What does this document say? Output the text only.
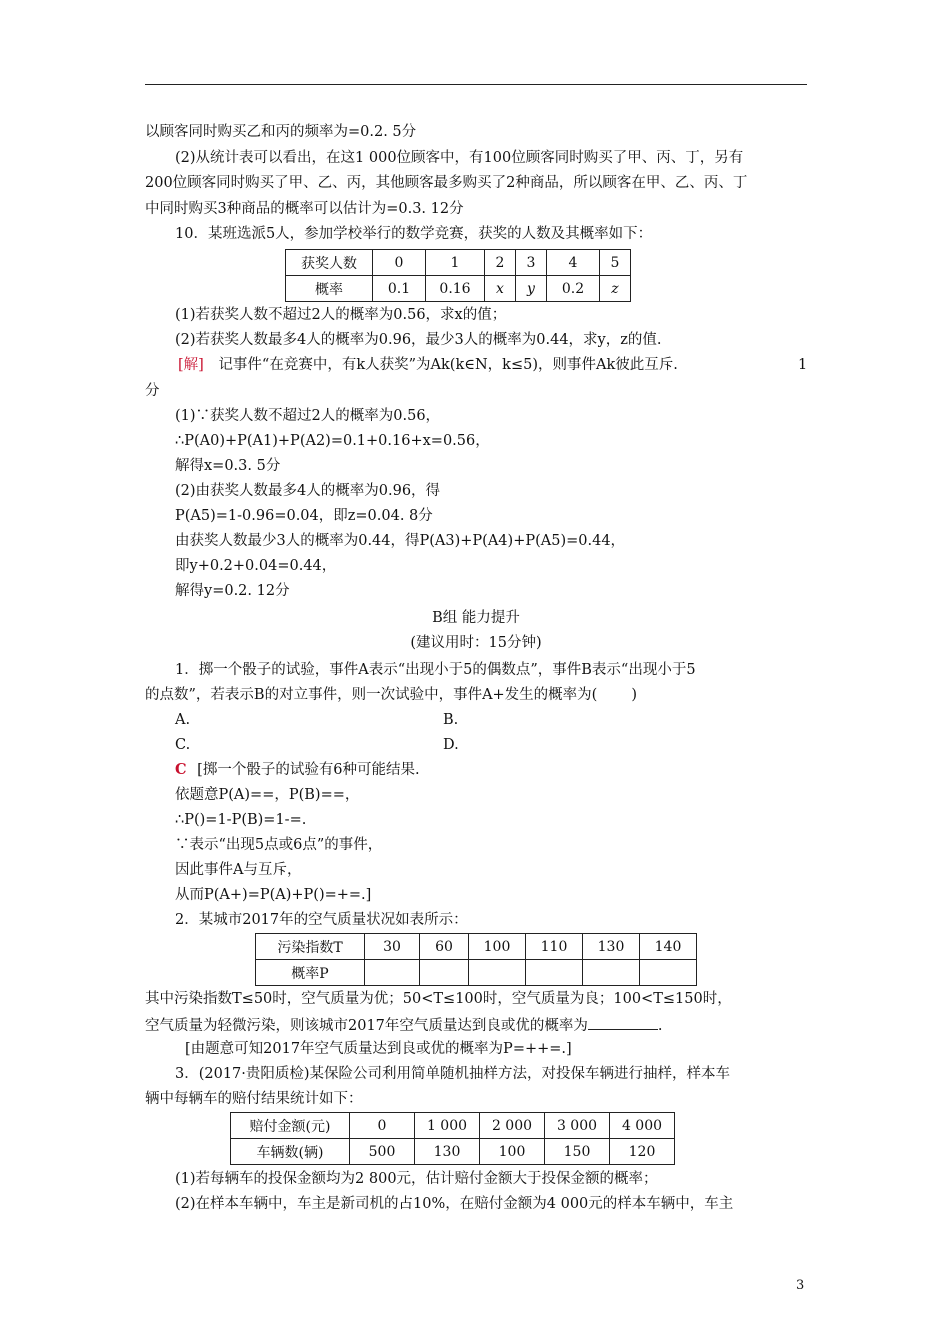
以顾客同时购买乙和丙的频率为=0.2. 5分
(2)从统计表可以看出，在这1 000位顾客中，有100位顾客同时购买了甲、丙、丁，另有
200位顾客同时购买了甲、乙、丙，其他顾客最多购买了2种商品，所以顾客在甲、乙、丙、丁
中同时购买3种商品的概率可以估计为=0.3. 12分
10．某班选派5人，参加学校举行的数学竞赛，获奖的人数及其概率如下：
获奖人数	0	1	2	3	4	5
概率	0.1	0.16	x	y	0.2	z
(1)若获奖人数不超过2人的概率为0.56，求x的值；
(2)若获奖人数最多4人的概率为0.96，最少3人的概率为0.44，求y，z的值.
[解] 记事件“在竞赛中，有k人获奖”为Ak(k∈N，k≤5)，则事件Ak彼此互斥.	1
分
(1)∵获奖人数不超过2人的概率为0.56，
∴P(A0)+P(A1)+P(A2)=0.1+0.16+x=0.56，
解得x=0.3. 5分
(2)由获奖人数最多4人的概率为0.96，得
P(A5)=1-0.96=0.04，即z=0.04. 8分
由获奖人数最少3人的概率为0.44，得P(A3)+P(A4)+P(A5)=0.44，
即y+0.2+0.04=0.44，
解得y=0.2. 12分
B组 能力提升
(建议用时：15分钟)
1．掷一个骰子的试验，事件A表示“出现小于5的偶数点”，事件B表示“出现小于5
的点数”，若表示B的对立事件，则一次试验中，事件A+发生的概率为( )
A.	B.
C.	D.
C [掷一个骰子的试验有6种可能结果.
依题意P(A)==，P(B)==，
∴P()=1-P(B)=1-=.
∵表示“出现5点或6点”的事件，
因此事件A与互斥，
从而P(A+)=P(A)+P()=+=.]
2．某城市2017年的空气质量状况如表所示：
污染指数T	30	60	100	110	130	140
概率P						
其中污染指数T≤50时，空气质量为优；50<T≤100时，空气质量为良；100<T≤150时，
空气质量为轻微污染，则该城市2017年空气质量达到良或优的概率为	.
[由题意可知2017年空气质量达到良或优的概率为P=++=.]
3．(2017·贵阳质检)某保险公司利用简单随机抽样方法，对投保车辆进行抽样，样本车
辆中每辆车的赔付结果统计如下：
赔付金额(元)	0	1 000	2 000	3 000	4 000
车辆数(辆)	500	130	100	150	120
(1)若每辆车的投保金额均为2 800元，估计赔付金额大于投保金额的概率；
(2)在样本车辆中，车主是新司机的占10%，在赔付金额为4 000元的样本车辆中，车主
3
